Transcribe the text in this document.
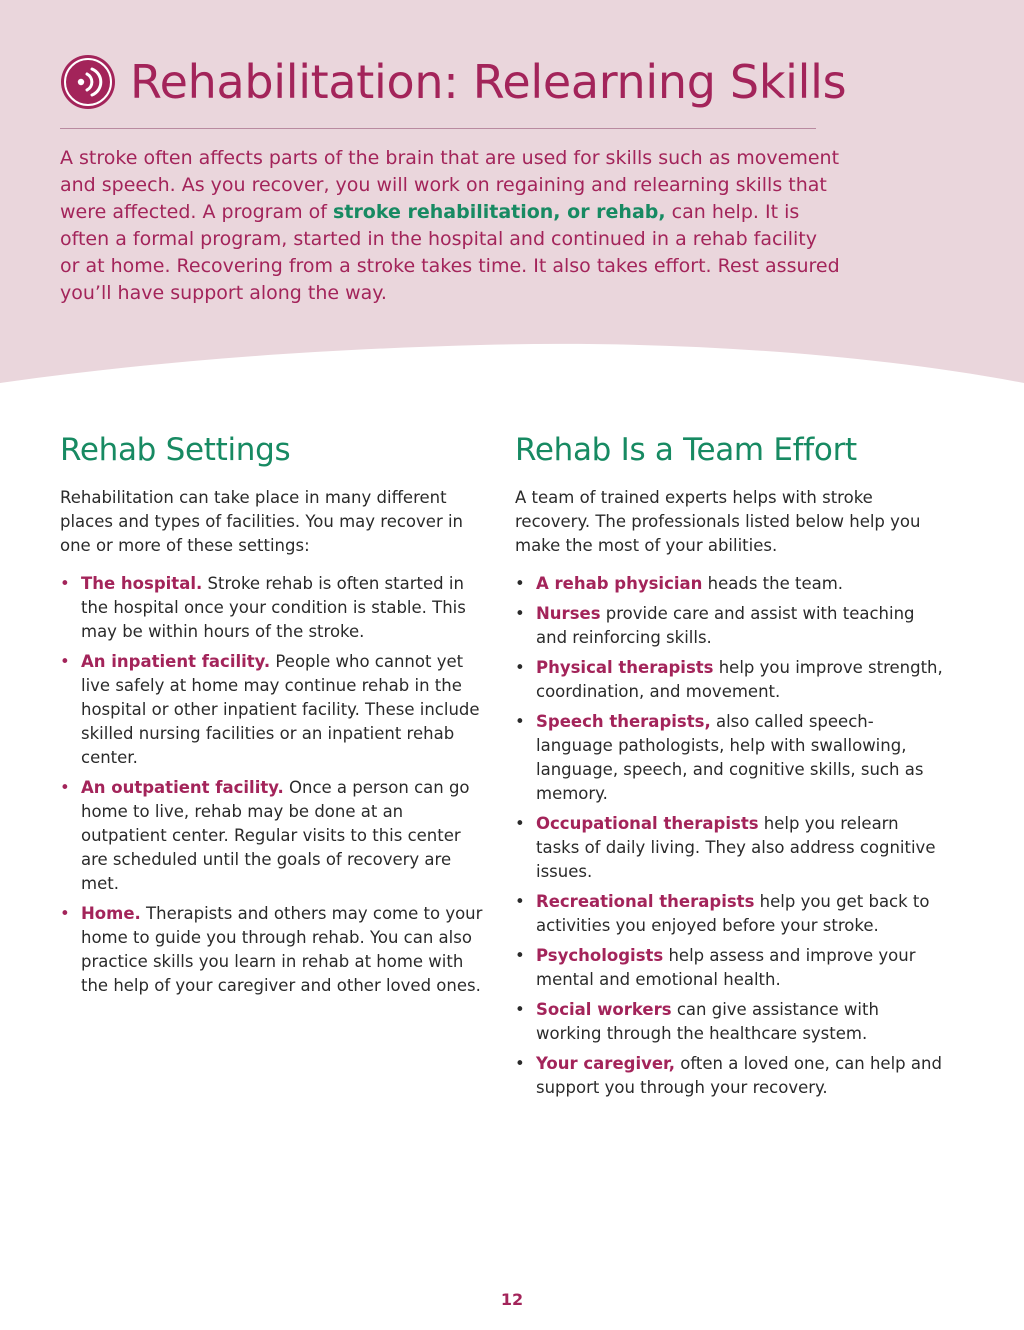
Rehabilitation: Relearning Skills

A stroke often affects parts of the brain that are used for skills such as movement and speech. As you recover, you will work on regaining and relearning skills that were affected. A program of stroke rehabilitation, or rehab, can help. It is often a formal program, started in the hospital and continued in a rehab facility or at home. Recovering from a stroke takes time. It also takes effort. Rest assured you’ll have support along the way.

Rehab Settings

Rehabilitation can take place in many different places and types of facilities. You may recover in one or more of these settings:

• The hospital. Stroke rehab is often started in the hospital once your condition is stable. This may be within hours of the stroke.
• An inpatient facility. People who cannot yet live safely at home may continue rehab in the hospital or other inpatient facility. These include skilled nursing facilities or an inpatient rehab center.
• An outpatient facility. Once a person can go home to live, rehab may be done at an outpatient center. Regular visits to this center are scheduled until the goals of recovery are met.
• Home. Therapists and others may come to your home to guide you through rehab. You can also practice skills you learn in rehab at home with the help of your caregiver and other loved ones.
Rehab Is a Team Effort

A team of trained experts helps with stroke recovery. The professionals listed below help you make the most of your abilities.

• A rehab physician heads the team.
• Nurses provide care and assist with teaching and reinforcing skills.
• Physical therapists help you improve strength, coordination, and movement.
• Speech therapists, also called speech-language pathologists, help with swallowing, language, speech, and cognitive skills, such as memory.
• Occupational therapists help you relearn tasks of daily living. They also address cognitive issues.
• Recreational therapists help you get back to activities you enjoyed before your stroke.
• Psychologists help assess and improve your mental and emotional health.
• Social workers can give assistance with working through the healthcare system.
• Your caregiver, often a loved one, can help and support you through your recovery.
12
